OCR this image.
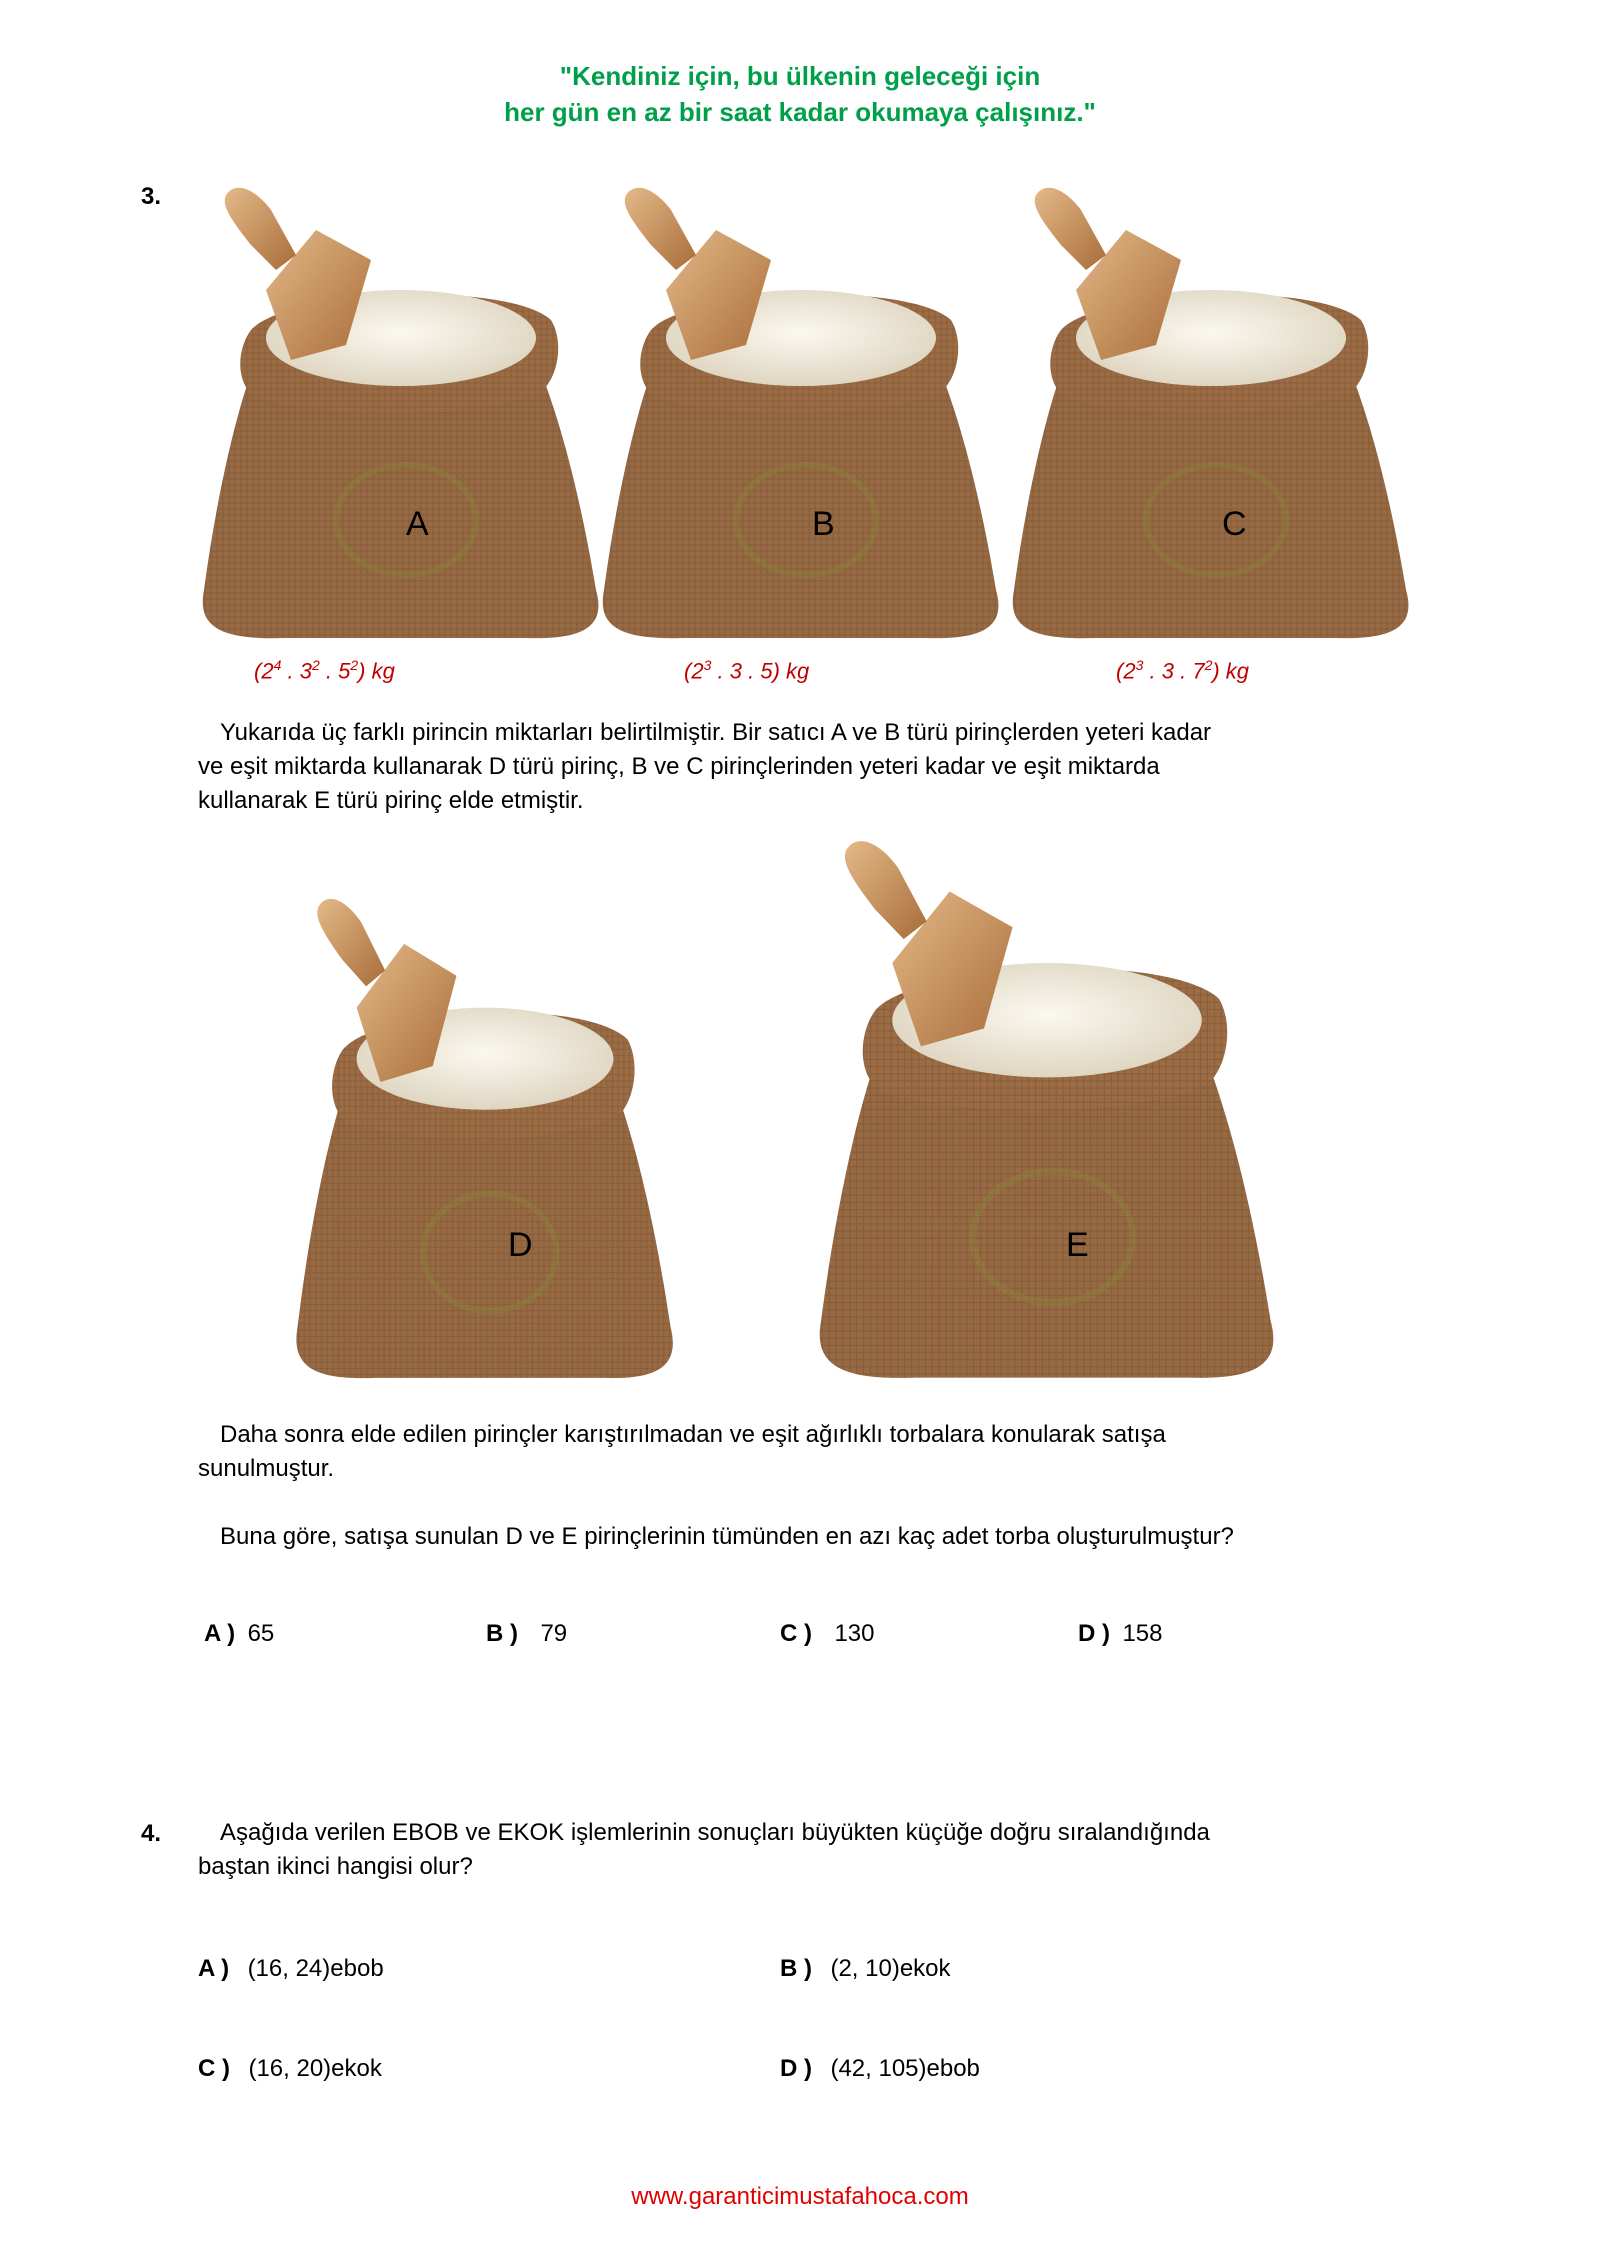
"Kendiniz için, bu ülkenin geleceği için
her gün en az bir saat kadar okumaya çalışınız."
3.
A	B	C
($2^4$ . $3^2$ . $5^2$) kg	($2^3$ . 3 . 5) kg	($2^3$ . 3 . $7^2$) kg
Yukarıda üç farklı pirincin miktarları belirtilmiştir. Bir satıcı A ve B türü pirinçlerden yeteri kadar
ve eşit miktarda kullanarak D türü pirinç, B ve C pirinçlerinden yeteri kadar ve eşit miktarda
kullanarak E türü pirinç elde etmiştir.
D	E
Daha sonra elde edilen pirinçler karıştırılmadan ve eşit ağırlıklı torbalara konularak satışa
sunulmuştur.
Buna göre, satışa sunulan D ve E pirinçlerinin tümünden en azı kaç adet torba oluşturulmuştur?
A ) 65	B ) 79	C ) 130	D ) 158
4.	Aşağıda verilen EBOB ve EKOK işlemlerinin sonuçları büyükten küçüğe doğru sıralandığında
baştan ikinci hangisi olur?
A ) (16, 24)ebob	B ) (2, 10)ekok
C ) (16, 20)ekok	D ) (42, 105)ebob
www.garanticimustafahoca.com
